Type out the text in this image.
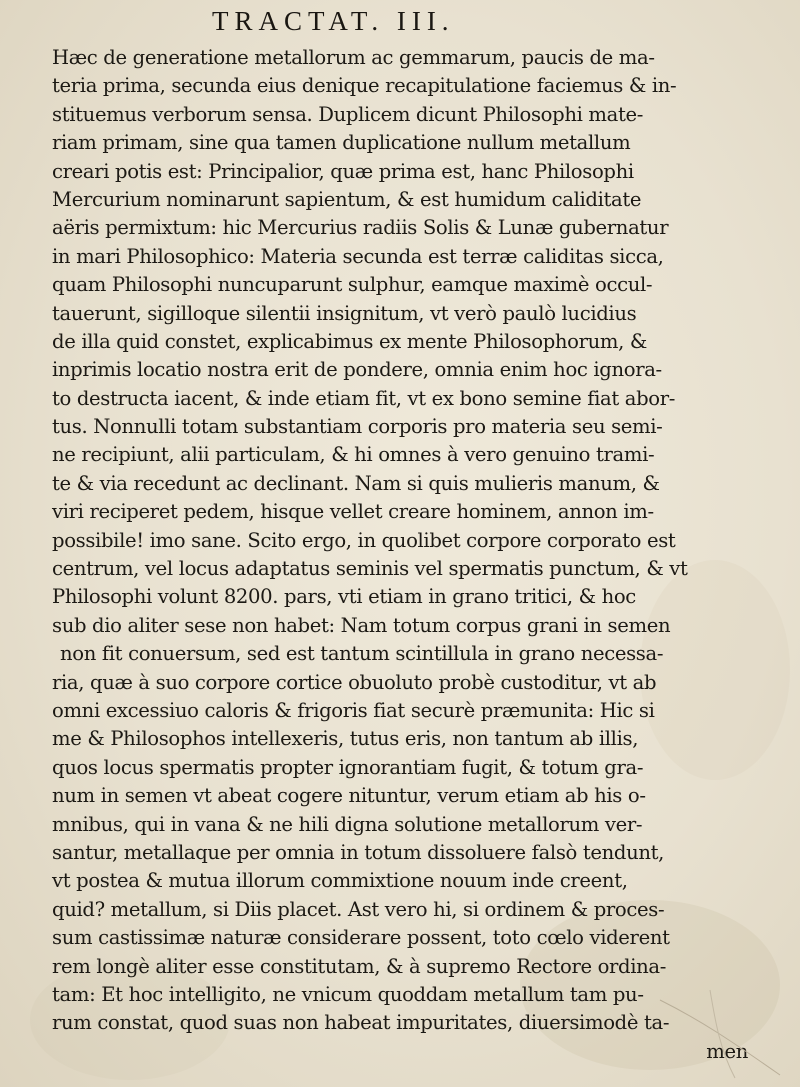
TRACTAT. III.
Hæc de generatione metallorum ac gemmarum, paucis de ma-
teria prima, secunda eius denique recapitulatione faciemus & in-
stituemus verborum sensa. Duplicem dicunt Philosophi mate-
riam primam, sine qua tamen duplicatione nullum metallum
creari potis est: Principalior, quæ prima est, hanc Philosophi
Mercurium nominarunt sapientum, & est humidum caliditate
aëris permixtum: hic Mercurius radiis Solis & Lunæ gubernatur
in mari Philosophico: Materia secunda est terræ caliditas sicca,
quam Philosophi nuncuparunt sulphur, eamque maximè occul-
tauerunt, sigilloque silentii insignitum, vt verò paulò lucidius
de illa quid constet, explicabimus ex mente Philosophorum, &
inprimis locatio nostra erit de pondere, omnia enim hoc ignora-
to destructa iacent, & inde etiam fit, vt ex bono semine fiat abor-
tus. Nonnulli totam substantiam corporis pro materia seu semi-
ne recipiunt, alii particulam, & hi omnes à vero genuino trami-
te & via recedunt ac declinant. Nam si quis mulieris manum, &
viri reciperet pedem, hisque vellet creare hominem, annon im-
possibile! imo sane. Scito ergo, in quolibet corpore corporato est
centrum, vel locus adaptatus seminis vel spermatis punctum, & vt
Philosophi volunt 8200. pars, vti etiam in grano tritici, & hoc
sub dio aliter sese non habet: Nam totum corpus grani in semen
non fit conuersum, sed est tantum scintillula in grano necessa-
ria, quæ à suo corpore cortice obuoluto probè custoditur, vt ab
omni excessiuo caloris & frigoris fiat securè præmunita: Hic si
me & Philosophos intellexeris, tutus eris, non tantum ab illis,
quos locus spermatis propter ignorantiam fugit, & totum gra-
num in semen vt abeat cogere nituntur, verum etiam ab his o-
mnibus, qui in vana & ne hili digna solutione metallorum ver-
santur, metallaque per omnia in totum dissoluere falsò tendunt,
vt postea & mutua illorum commixtione nouum inde creent,
quid? metallum, si Diis placet. Ast vero hi, si ordinem & proces-
sum castissimæ naturæ considerare possent, toto cœlo viderent
rem longè aliter esse constitutam, & à supremo Rectore ordina-
tam: Et hoc intelligito, ne vnicum quoddam metallum tam pu-
rum constat, quod suas non habeat impuritates, diuersimodè ta-
men
